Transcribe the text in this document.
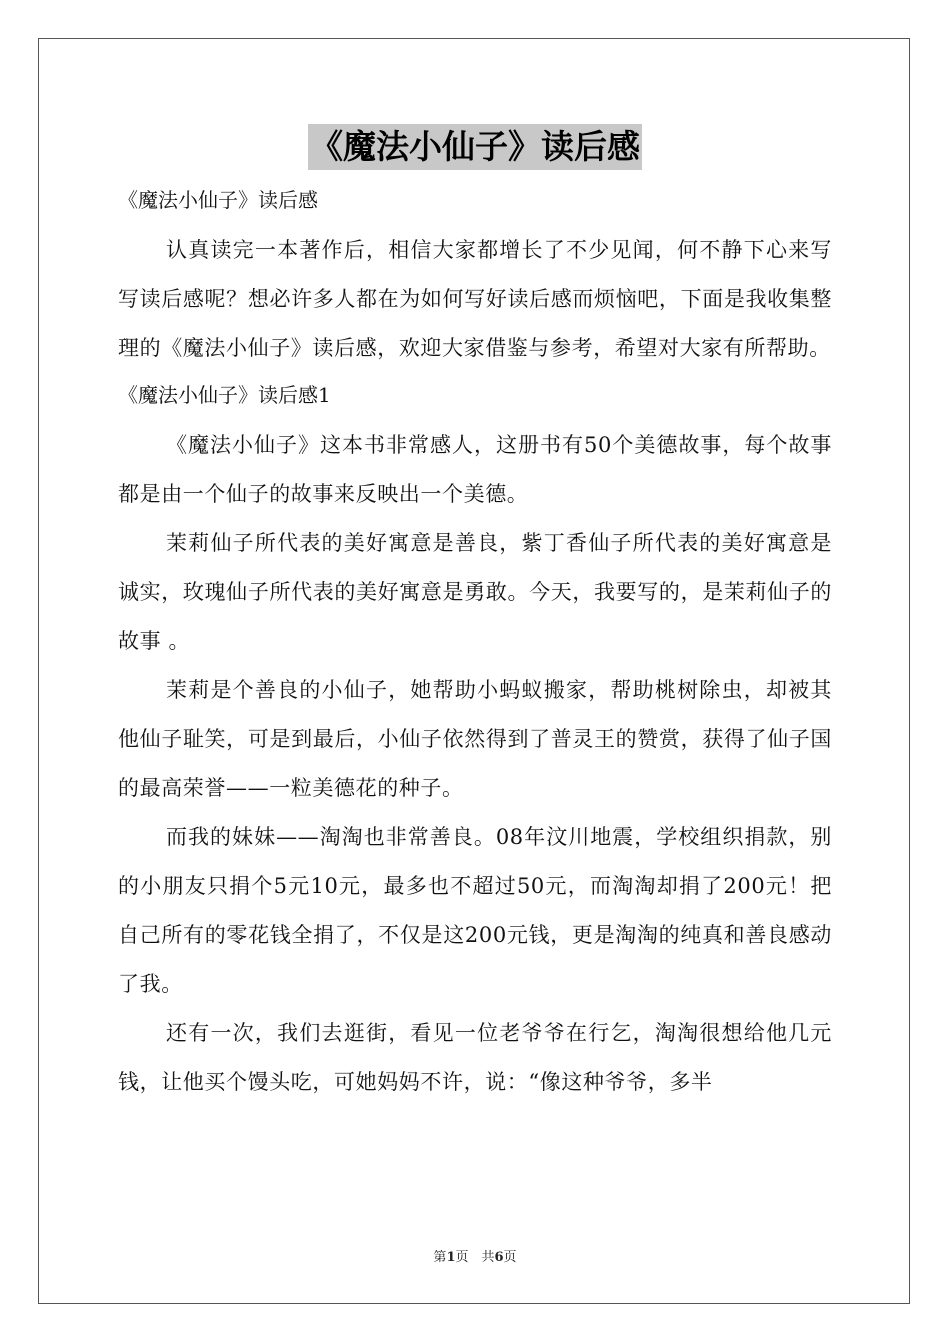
《魔法小仙子》读后感
《魔法小仙子》读后感

认真读完一本著作后，相信大家都增长了不少见闻，何不静下心来写写读后感呢？想必许多人都在为如何写好读后感而烦恼吧，下面是我收集整理的《魔法小仙子》读后感，欢迎大家借鉴与参考，希望对大家有所帮助。

《魔法小仙子》读后感1

《魔法小仙子》这本书非常感人，这册书有50个美德故事，每个故事都是由一个仙子的故事来反映出一个美德。

茉莉仙子所代表的美好寓意是善良，紫丁香仙子所代表的美好寓意是诚实，玫瑰仙子所代表的美好寓意是勇敢。今天，我要写的，是茉莉仙子的故事 。

茉莉是个善良的小仙子，她帮助小蚂蚁搬家，帮助桃树除虫，却被其他仙子耻笑，可是到最后，小仙子依然得到了普灵王的赞赏，获得了仙子国的最高荣誉——一粒美德花的种子。

而我的妹妹——淘淘也非常善良。08年汶川地震，学校组织捐款，别的小朋友只捐个5元10元，最多也不超过50元，而淘淘却捐了200元！把自己所有的零花钱全捐了，不仅是这200元钱，更是淘淘的纯真和善良感动了我。

还有一次，我们去逛街，看见一位老爷爷在行乞，淘淘很想给他几元钱，让他买个馒头吃，可她妈妈不许，说：“像这种爷爷，多半

第1页　共6页
